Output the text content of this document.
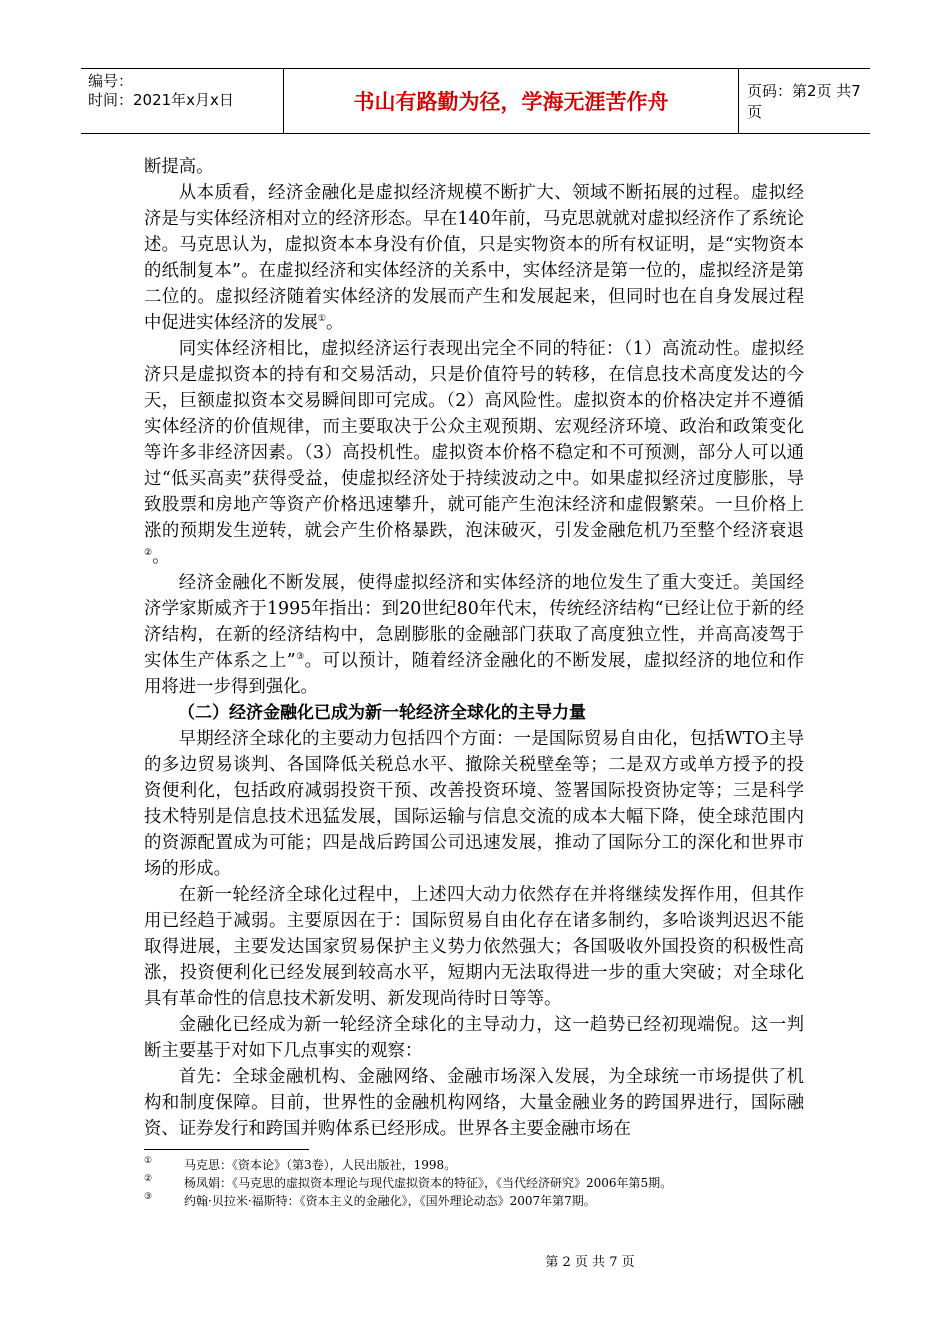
编号：
时间：2021年x月x日	书山有路勤为径，学海无涯苦作舟	页码：第2页 共7页

断提高。

从本质看，经济金融化是虚拟经济规模不断扩大、领域不断拓展的过程。虚拟经济是与实体经济相对立的经济形态。早在140年前，马克思就就对虚拟经济作了系统论述。马克思认为，虚拟资本本身没有价值，只是实物资本的所有权证明，是“实物资本的纸制复本”。在虚拟经济和实体经济的关系中，实体经济是第一位的，虚拟经济是第二位的。虚拟经济随着实体经济的发展而产生和发展起来，但同时也在自身发展过程中促进实体经济的发展①。

同实体经济相比，虚拟经济运行表现出完全不同的特征：（1）高流动性。虚拟经济只是虚拟资本的持有和交易活动，只是价值符号的转移，在信息技术高度发达的今天，巨额虚拟资本交易瞬间即可完成。（2）高风险性。虚拟资本的价格决定并不遵循实体经济的价值规律，而主要取决于公众主观预期、宏观经济环境、政治和政策变化等许多非经济因素。（3）高投机性。虚拟资本价格不稳定和不可预测，部分人可以通过“低买高卖”获得受益，使虚拟经济处于持续波动之中。如果虚拟经济过度膨胀，导致股票和房地产等资产价格迅速攀升，就可能产生泡沫经济和虚假繁荣。一旦价格上涨的预期发生逆转，就会产生价格暴跌，泡沫破灭，引发金融危机乃至整个经济衰退②。

经济金融化不断发展，使得虚拟经济和实体经济的地位发生了重大变迁。美国经济学家斯威齐于1995年指出：到20世纪80年代末，传统经济结构“已经让位于新的经济结构，在新的经济结构中，急剧膨胀的金融部门获取了高度独立性，并高高凌驾于实体生产体系之上”③。可以预计，随着经济金融化的不断发展，虚拟经济的地位和作用将进一步得到强化。

（二）经济金融化已成为新一轮经济全球化的主导力量

早期经济全球化的主要动力包括四个方面：一是国际贸易自由化，包括WTO主导的多边贸易谈判、各国降低关税总水平、撤除关税壁垒等；二是双方或单方授予的投资便利化，包括政府减弱投资干预、改善投资环境、签署国际投资协定等；三是科学技术特别是信息技术迅猛发展，国际运输与信息交流的成本大幅下降，使全球范围内的资源配置成为可能；四是战后跨国公司迅速发展，推动了国际分工的深化和世界市场的形成。

在新一轮经济全球化过程中，上述四大动力依然存在并将继续发挥作用，但其作用已经趋于减弱。主要原因在于：国际贸易自由化存在诸多制约，多哈谈判迟迟不能取得进展，主要发达国家贸易保护主义势力依然强大；各国吸收外国投资的积极性高涨，投资便利化已经发展到较高水平，短期内无法取得进一步的重大突破；对全球化具有革命性的信息技术新发明、新发现尚待时日等等。

金融化已经成为新一轮经济全球化的主导动力，这一趋势已经初现端倪。这一判断主要基于对如下几点事实的观察：

首先：全球金融机构、金融网络、金融市场深入发展，为全球统一市场提供了机构和制度保障。目前，世界性的金融机构网络，大量金融业务的跨国界进行，国际融资、证券发行和跨国并购体系已经形成。世界各主要金融市场在

①	马克思：《资本论》（第3卷），人民出版社，1998。
②	杨凤娟：《马克思的虚拟资本理论与现代虚拟资本的特征》，《当代经济研究》2006年第5期。
③	约翰·贝拉米·福斯特：《资本主义的金融化》，《国外理论动态》2007年第7期。
第 2 页 共 7 页
